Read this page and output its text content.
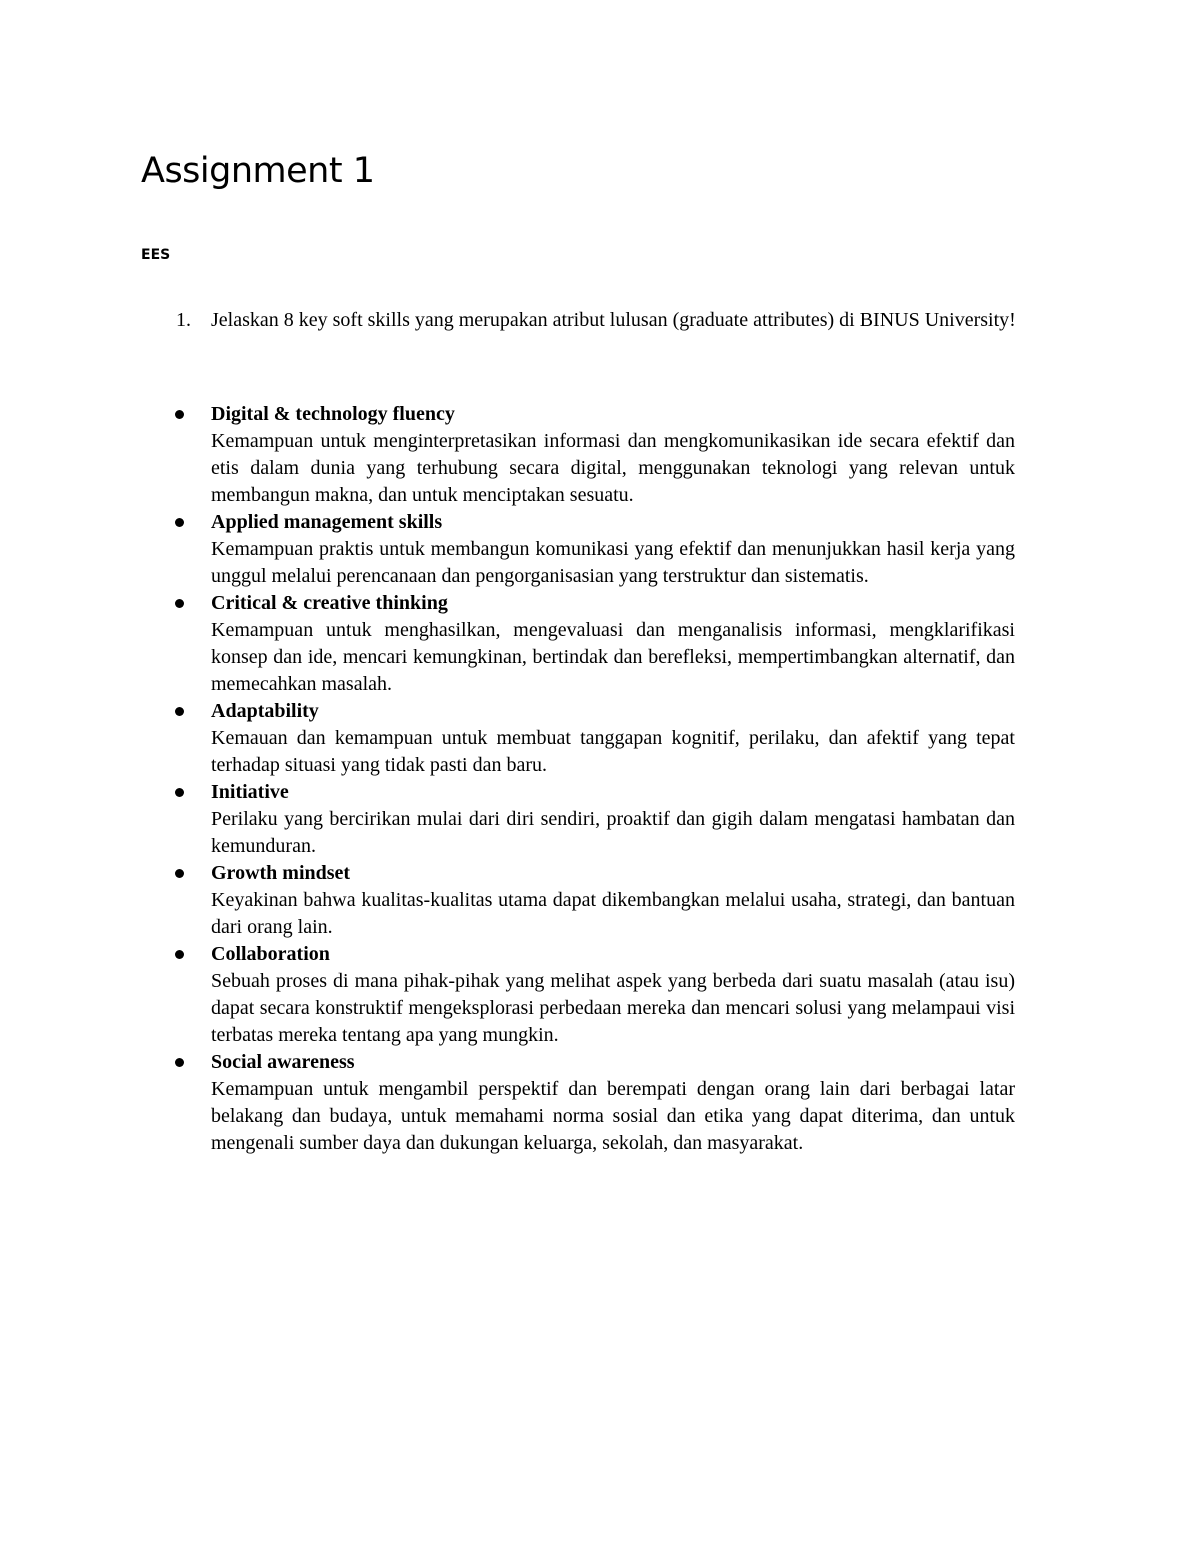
Assignment 1
EES
1. Jelaskan 8 key soft skills yang merupakan atribut lulusan (graduate attributes) di BINUS University!
Digital & technology fluency
Kemampuan untuk menginterpretasikan informasi dan mengkomunikasikan ide secara efektif dan etis dalam dunia yang terhubung secara digital, menggunakan teknologi yang relevan untuk membangun makna, dan untuk menciptakan sesuatu.
Applied management skills
Kemampuan praktis untuk membangun komunikasi yang efektif dan menunjukkan hasil kerja yang unggul melalui perencanaan dan pengorganisasian yang terstruktur dan sistematis.
Critical & creative thinking
Kemampuan untuk menghasilkan, mengevaluasi dan menganalisis informasi, mengklarifikasi konsep dan ide, mencari kemungkinan, bertindak dan berefleksi, mempertimbangkan alternatif, dan memecahkan masalah.
Adaptability
Kemauan dan kemampuan untuk membuat tanggapan kognitif, perilaku, dan afektif yang tepat terhadap situasi yang tidak pasti dan baru.
Initiative
Perilaku yang bercirikan mulai dari diri sendiri, proaktif dan gigih dalam mengatasi hambatan dan kemunduran.
Growth mindset
Keyakinan bahwa kualitas-kualitas utama dapat dikembangkan melalui usaha, strategi, dan bantuan dari orang lain.
Collaboration
Sebuah proses di mana pihak-pihak yang melihat aspek yang berbeda dari suatu masalah (atau isu) dapat secara konstruktif mengeksplorasi perbedaan mereka dan mencari solusi yang melampaui visi terbatas mereka tentang apa yang mungkin.
Social awareness
Kemampuan untuk mengambil perspektif dan berempati dengan orang lain dari berbagai latar belakang dan budaya, untuk memahami norma sosial dan etika yang dapat diterima, dan untuk mengenali sumber daya dan dukungan keluarga, sekolah, dan masyarakat.
